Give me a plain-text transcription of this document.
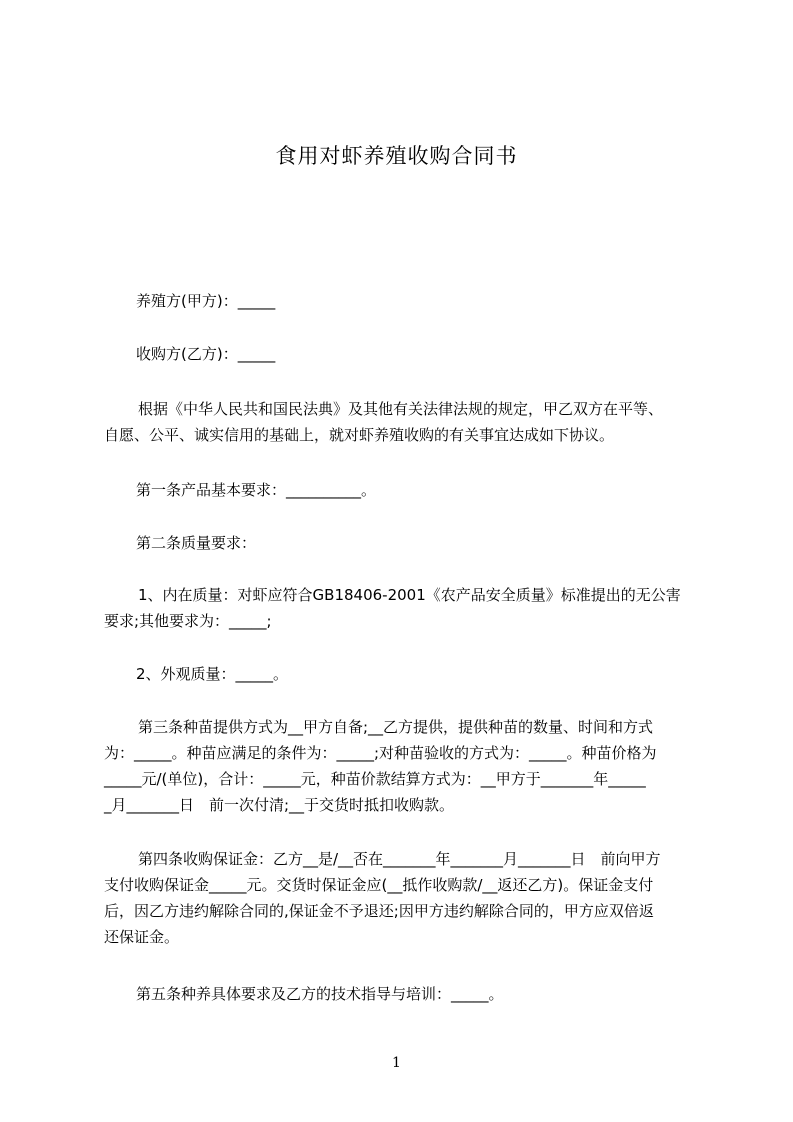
食用对虾养殖收购合同书
养殖方(甲方)：_____
收购方(乙方)：_____
根据《中华人民共和国民法典》及其他有关法律法规的规定，甲乙双方在平等、
自愿、公平、诚实信用的基础上，就对虾养殖收购的有关事宜达成如下协议。
第一条产品基本要求：__________。
第二条质量要求：
1、内在质量：对虾应符合GB18406-2001《农产品安全质量》标准提出的无公害
要求;其他要求为：_____;
2、外观质量：_____。
第三条种苗提供方式为__甲方自备;__乙方提供，提供种苗的数量、时间和方式
为：_____。种苗应满足的条件为：_____;对种苗验收的方式为：_____。种苗价格为
_____元/(单位)，合计：_____元，种苗价款结算方式为：__甲方于_______年_____
_月_______日　前一次付清;__于交货时抵扣收购款。
第四条收购保证金：乙方__是/__否在_______年_______月_______日　前向甲方
支付收购保证金_____元。交货时保证金应(__抵作收购款/__返还乙方)。保证金支付
后，因乙方违约解除合同的,保证金不予退还;因甲方违约解除合同的，甲方应双倍返
还保证金。
第五条种养具体要求及乙方的技术指导与培训：_____。
1
